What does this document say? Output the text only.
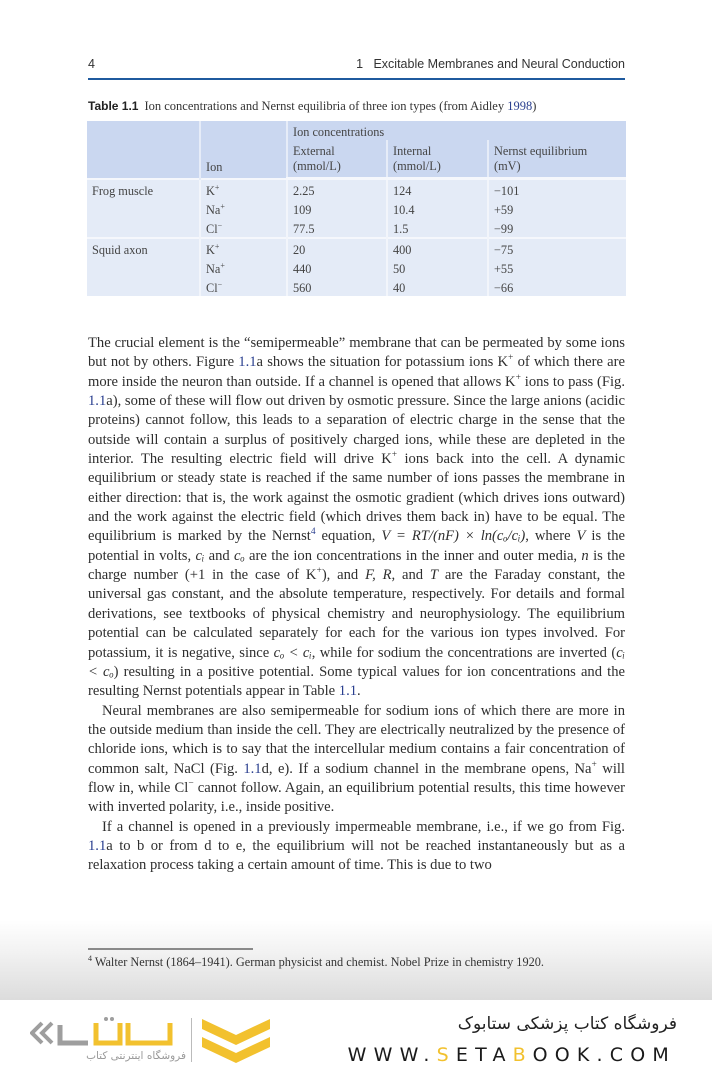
4	1   Excitable Membranes and Neural Conduction
Table 1.1 Ion concentrations and Nernst equilibria of three ion types (from Aidley 1998)
	Ion	Ion concentrations		
		External	Internal	Nernst equilibrium
		(mmol/L)	(mmol/L)	(mV)
Frog muscle	K+	2.25	124	−101
	Na+	109	10.4	+59
	Cl−	77.5	1.5	−99
Squid axon	K+	20	400	−75
	Na+	440	50	+55
	Cl−	560	40	−66

The crucial element is the “semipermeable” membrane that can be permeated by some ions but not by others. Figure 1.1a shows the situation for potassium ions K+ of which there are more inside the neuron than outside. If a channel is opened that allows K+ ions to pass (Fig. 1.1a), some of these will flow out driven by osmotic pressure. Since the large anions (acidic proteins) cannot follow, this leads to a separation of electric charge in the sense that the outside will contain a surplus of positively charged ions, while these are depleted in the interior. The resulting electric field will drive K+ ions back into the cell. A dynamic equilibrium or steady state is reached if the same number of ions passes the membrane in either direction: that is, the work against the osmotic gradient (which drives ions outward) and the work against the electric field (which drives them back in) have to be equal. The equilibrium is marked by the Nernst$^4$ equation, V = RT/(nF) × ln(cₒ/cᵢ), where V is the potential in volts, cᵢ and cₒ are the ion concentrations in the inner and outer media, n is the charge number (+1 in the case of K+), and F, R, and T are the Faraday constant, the universal gas constant, and the absolute temperature, respectively. For details and formal derivations, see textbooks of physical chemistry and neurophysiology. The equilibrium potential can be calculated separately for each for the various ion types involved. For potassium, it is negative, since cₒ < cᵢ, while for sodium the concentrations are inverted (cᵢ < cₒ) resulting in a positive potential. Some typical values for ion concentrations and the resulting Nernst potentials appear in Table 1.1.

Neural membranes are also semipermeable for sodium ions of which there are more in the outside medium than inside the cell. They are electrically neutralized by the presence of chloride ions, which is to say that the intercellular medium contains a fair concentration of common salt, NaCl (Fig. 1.1d, e). If a sodium channel in the membrane opens, Na+ will flow in, while Cl− cannot follow. Again, an equilibrium potential results, this time however with inverted polarity, i.e., inside positive.

If a channel is opened in a previously impermeable membrane, i.e., if we go from Fig. 1.1a to b or from d to e, the equilibrium will not be reached instantaneously but as a relaxation process taking a certain amount of time. This is due to two

$^4$ Walter Nernst (1864–1941). German physicist and chemist. Nobel Prize in chemistry 1920.
فروشگاه اینترنتی کتاب
فروشگاه کتاب پزشکی ستابوک
WWW.SETABOOK.COM
